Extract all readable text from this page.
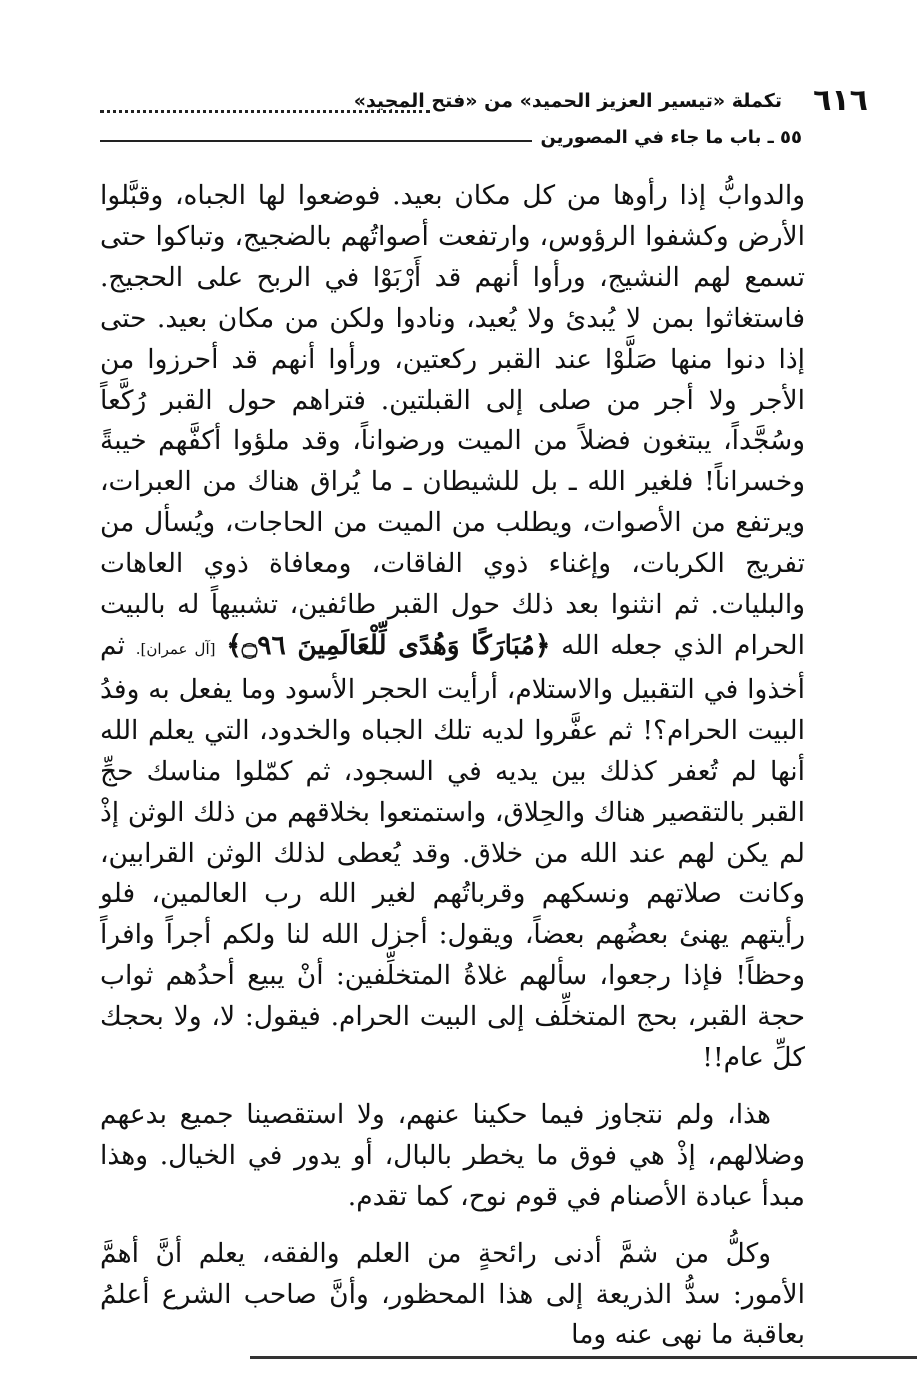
٦١٦
تكملة «تيسير العزيز الحميد» من «فتح المجيد»
٥٥ ـ باب ما جاء في المصورين

والدوابُّ إذا رأوها من كل مكان بعيد. فوضعوا لها الجباه، وقبَّلوا الأرض وكشفوا الرؤوس، وارتفعت أصواتُهم بالضجيج، وتباكوا حتى تسمع لهم النشيج، ورأوا أنهم قد أَرْبَوْا في الربح على الحجيج. فاستغاثوا بمن لا يُبدئ ولا يُعيد، ونادوا ولكن من مكان بعيد. حتى إذا دنوا منها صَلَّوْا عند القبر ركعتين، ورأوا أنهم قد أحرزوا من الأجر ولا أجر من صلى إلى القبلتين. فتراهم حول القبر رُكَّعاً وسُجَّداً، يبتغون فضلاً من الميت ورضواناً، وقد ملؤوا أكفَّهم خيبةً وخسراناً! فلغير الله ـ بل للشيطان ـ ما يُراق هناك من العبرات، ويرتفع من الأصوات، ويطلب من الميت من الحاجات، ويُسأل من تفريج الكربات، وإغناء ذوي الفاقات، ومعافاة ذوي العاهات والبليات. ثم انثنوا بعد ذلك حول القبر طائفين، تشبيهاً له بالبيت الحرام الذي جعله الله ﴿مُبَارَكًا وَهُدًى لِّلْعَالَمِينَ ۝٩٦﴾ [آل عمران]. ثم أخذوا في التقبيل والاستلام، أرأيت الحجر الأسود وما يفعل به وفدُ البيت الحرام؟! ثم عفَّروا لديه تلك الجباه والخدود، التي يعلم الله أنها لم تُعفر كذلك بين يديه في السجود، ثم كمّلوا مناسك حجِّ القبر بالتقصير هناك والحِلاق، واستمتعوا بخلاقهم من ذلك الوثن إذْ لم يكن لهم عند الله من خلاق. وقد يُعطى لذلك الوثن القرابين، وكانت صلاتهم ونسكهم وقرباتُهم لغير الله رب العالمين، فلو رأيتهم يهنئ بعضُهم بعضاً، ويقول: أجزل الله لنا ولكم أجراً وافراً وحظاً! فإذا رجعوا، سألهم غلاةُ المتخلِّفين: أنْ يبيع أحدُهم ثواب حجة القبر، بحج المتخلِّف إلى البيت الحرام. فيقول: لا، ولا بحجك كلِّ عام!!

هذا، ولم نتجاوز فيما حكينا عنهم، ولا استقصينا جميع بدعهم وضلالهم، إذْ هي فوق ما يخطر بالبال، أو يدور في الخيال. وهذا مبدأ عبادة الأصنام في قوم نوح، كما تقدم.

وكلُّ من شمَّ أدنى رائحةٍ من العلم والفقه، يعلم أنَّ أهمَّ الأمور: سدُّ الذريعة إلى هذا المحظور، وأنَّ صاحب الشرع أعلمُ بعاقبة ما نهى عنه وما
